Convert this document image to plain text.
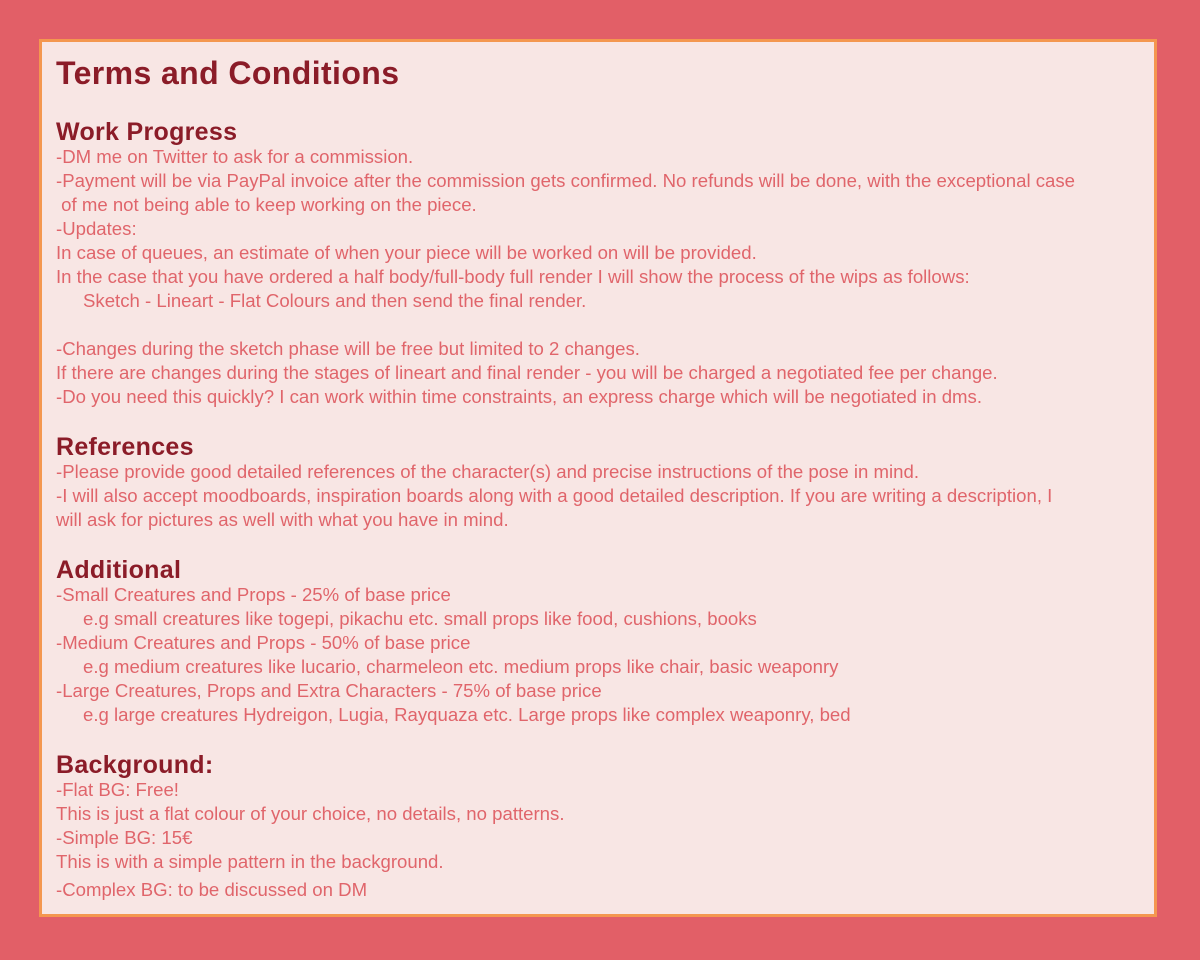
Terms and Conditions
Work Progress

-DM me on Twitter to ask for a commission.

-Payment will be via PayPal invoice after the commission gets confirmed. No refunds will be done, with the exceptional case

of me not being able to keep working on the piece.

-Updates:

In case of queues, an estimate of when your piece will be worked on will be provided.

In the case that you have ordered a half body/full-body full render I will show the process of the wips as follows:

Sketch - Lineart - Flat Colours and then send the final render.

-Changes during the sketch phase will be free but limited to 2 changes.

If there are changes during the stages of lineart and final render - you will be charged a negotiated fee per change.

-Do you need this quickly? I can work within time constraints, an express charge which will be negotiated in dms.

References

-Please provide good detailed references of the character(s) and precise instructions of the pose in mind.

-I will also accept moodboards, inspiration boards along with a good detailed description. If you are writing a description, I

will ask for pictures as well with what you have in mind.

Additional

-Small Creatures and Props - 25% of base price

e.g small creatures like togepi, pikachu etc. small props like food, cushions, books

-Medium Creatures and Props - 50% of base price

e.g medium creatures like lucario, charmeleon etc. medium props like chair, basic weaponry

-Large Creatures, Props and Extra Characters - 75% of base price

e.g large creatures Hydreigon, Lugia, Rayquaza etc. Large props like complex weaponry, bed

Background:

-Flat BG: Free!

This is just a flat colour of your choice, no details, no patterns.

-Simple BG: 15€

This is with a simple pattern in the background.

-Complex BG: to be discussed on DM
